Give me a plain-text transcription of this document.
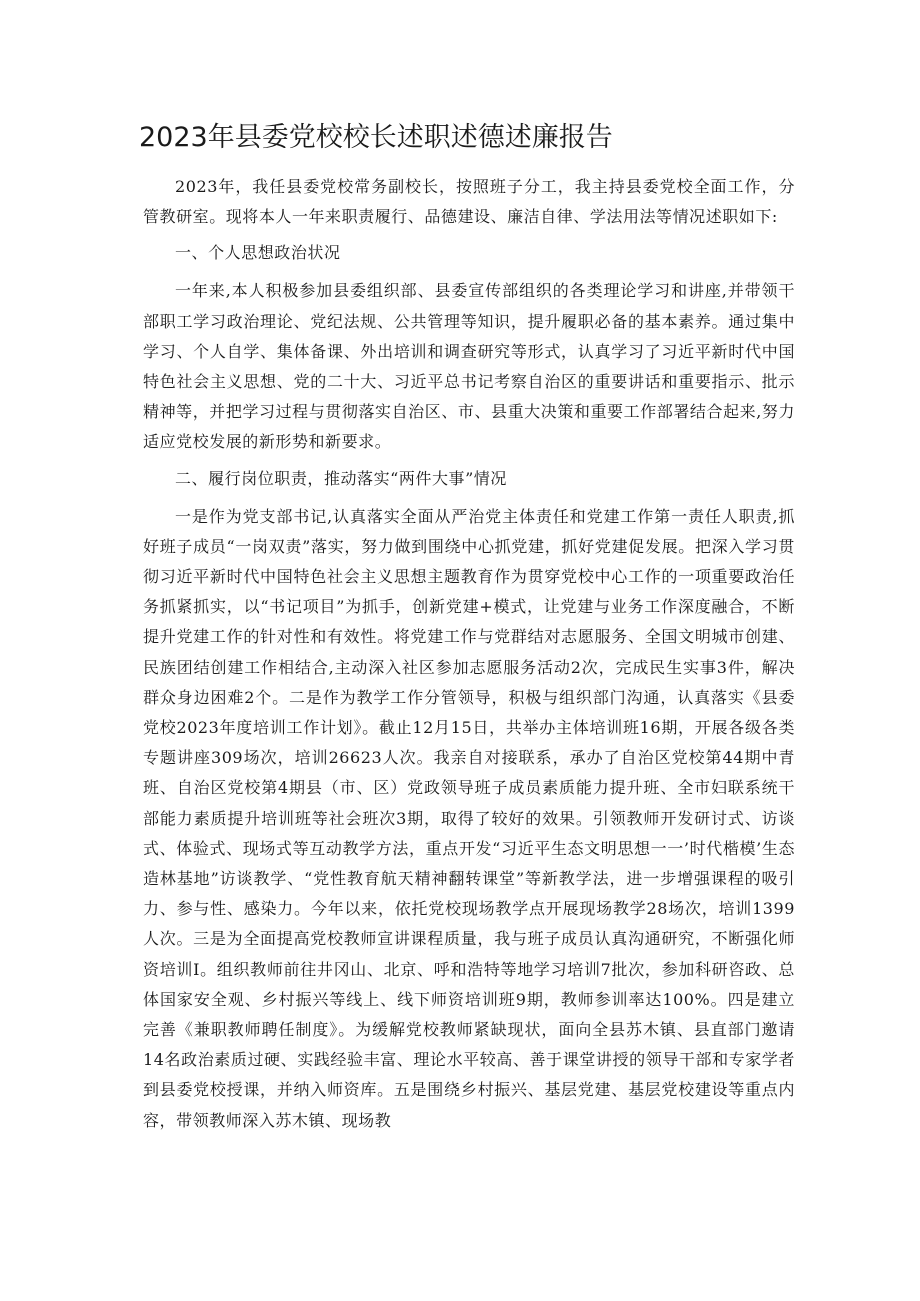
2023年县委党校校长述职述德述廉报告

2023年，我任县委党校常务副校长，按照班子分工，我主持县委党校全面工作，分管教研室。现将本人一年来职责履行、品德建设、廉洁自律、学法用法等情况述职如下:

一、个人思想政治状况

一年来,本人积极参加县委组织部、县委宣传部组织的各类理论学习和讲座,并带领干部职工学习政治理论、党纪法规、公共管理等知识，提升履职必备的基本素养。通过集中学习、个人自学、集体备课、外出培训和调查研究等形式，认真学习了习近平新时代中国特色社会主义思想、党的二十大、习近平总书记考察自治区的重要讲话和重要指示、批示精神等，并把学习过程与贯彻落实自治区、市、县重大决策和重要工作部署结合起来,努力适应党校发展的新形势和新要求。

二、履行岗位职责，推动落实“两件大事”情况

一是作为党支部书记,认真落实全面从严治党主体责任和党建工作第一责任人职责,抓好班子成员“一岗双责”落实，努力做到围绕中心抓党建，抓好党建促发展。把深入学习贯彻习近平新时代中国特色社会主义思想主题教育作为贯穿党校中心工作的一项重要政治任务抓紧抓实，以“书记项目”为抓手，创新党建+模式，让党建与业务工作深度融合，不断提升党建工作的针对性和有效性。将党建工作与党群结对志愿服务、全国文明城市创建、民族团结创建工作相结合,主动深入社区参加志愿服务活动2次，完成民生实事3件，解决群众身边困难2个。二是作为教学工作分管领导，积极与组织部门沟通，认真落实《县委党校2023年度培训工作计划》。截止12月15日，共举办主体培训班16期，开展各级各类专题讲座309场次，培训26623人次。我亲自对接联系，承办了自治区党校第44期中青班、自治区党校第4期县（市、区）党政领导班子成员素质能力提升班、全市妇联系统干部能力素质提升培训班等社会班次3期，取得了较好的效果。引领教师开发研讨式、访谈式、体验式、现场式等互动教学方法，重点开发“习近平生态文明思想一一’时代楷模’生态造林基地”访谈教学、“党性教育航天精神翻转课堂”等新教学法，进一步增强课程的吸引力、参与性、感染力。今年以来，依托党校现场教学点开展现场教学28场次，培训1399人次。三是为全面提高党校教师宣讲课程质量，我与班子成员认真沟通研究，不断强化师资培训I。组织教师前往井冈山、北京、呼和浩特等地学习培训7批次，参加科研咨政、总体国家安全观、乡村振兴等线上、线下师资培训班9期，教师参训率达100%。四是建立完善《兼职教师聘任制度》。为缓解党校教师紧缺现状，面向全县苏木镇、县直部门邀请14名政治素质过硬、实践经验丰富、理论水平较高、善于课堂讲授的领导干部和专家学者到县委党校授课，并纳入师资库。五是围绕乡村振兴、基层党建、基层党校建设等重点内容，带领教师深入苏木镇、现场教
